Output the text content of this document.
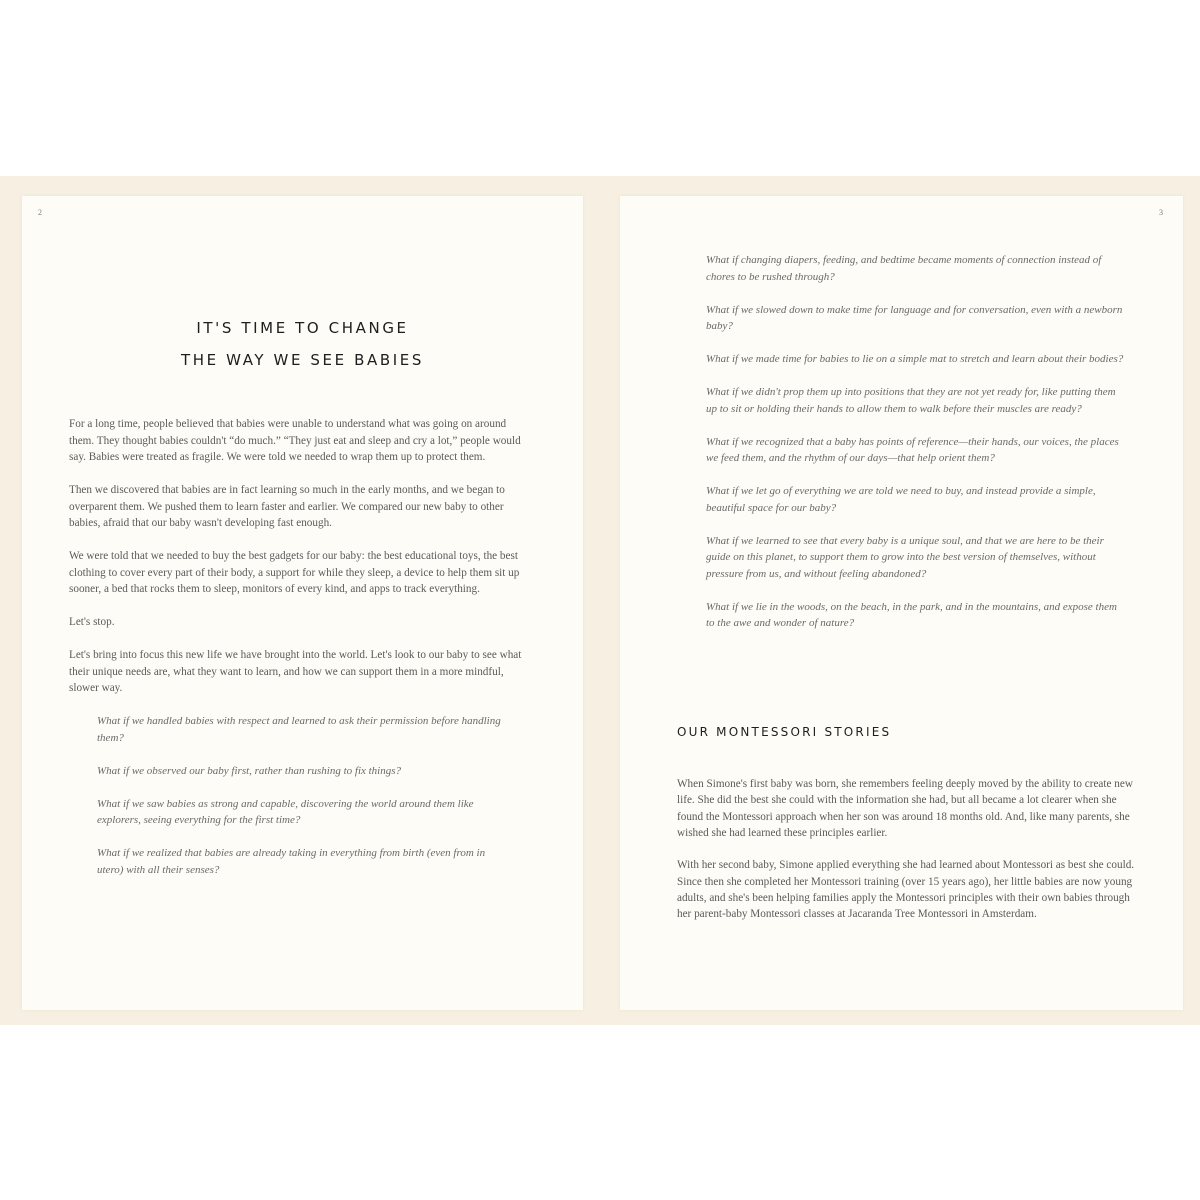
2
IT'S TIME TO CHANGE
THE WAY WE SEE BABIES

For a long time, people believed that babies were unable to understand what was going on around them. They thought babies couldn't “do much.” “They just eat and sleep and cry a lot,” people would say. Babies were treated as fragile. We were told we needed to wrap them up to protect them.

Then we discovered that babies are in fact learning so much in the early months, and we began to overparent them. We pushed them to learn faster and earlier. We compared our new baby to other babies, afraid that our baby wasn't developing fast enough.

We were told that we needed to buy the best gadgets for our baby: the best educational toys, the best clothing to cover every part of their body, a support for while they sleep, a device to help them sit up sooner, a bed that rocks them to sleep, monitors of every kind, and apps to track everything.

Let's stop.

Let's bring into focus this new life we have brought into the world. Let's look to our baby to see what their unique needs are, what they want to learn, and how we can support them in a more mindful, slower way.

What if we handled babies with respect and learned to ask their permission before handling them?
What if we observed our baby first, rather than rushing to fix things?
What if we saw babies as strong and capable, discovering the world around them like explorers, seeing everything for the first time?
What if we realized that babies are already taking in everything from birth (even from in utero) with all their senses?
3
What if changing diapers, feeding, and bedtime became moments of connection instead of chores to be rushed through?
What if we slowed down to make time for language and for conversation, even with a newborn baby?
What if we made time for babies to lie on a simple mat to stretch and learn about their bodies?
What if we didn't prop them up into positions that they are not yet ready for, like putting them up to sit or holding their hands to allow them to walk before their muscles are ready?
What if we recognized that a baby has points of reference—their hands, our voices, the places we feed them, and the rhythm of our days—that help orient them?
What if we let go of everything we are told we need to buy, and instead provide a simple, beautiful space for our baby?
What if we learned to see that every baby is a unique soul, and that we are here to be their guide on this planet, to support them to grow into the best version of themselves, without pressure from us, and without feeling abandoned?
What if we lie in the woods, on the beach, in the park, and in the mountains, and expose them to the awe and wonder of nature?
OUR MONTESSORI STORIES

When Simone's first baby was born, she remembers feeling deeply moved by the ability to create new life. She did the best she could with the information she had, but all became a lot clearer when she found the Montessori approach when her son was around 18 months old. And, like many parents, she wished she had learned these principles earlier.

With her second baby, Simone applied everything she had learned about Montessori as best she could. Since then she completed her Montessori training (over 15 years ago), her little babies are now young adults, and she's been helping families apply the Montessori principles with their own babies through her parent-baby Montessori classes at Jacaranda Tree Montessori in Amsterdam.
